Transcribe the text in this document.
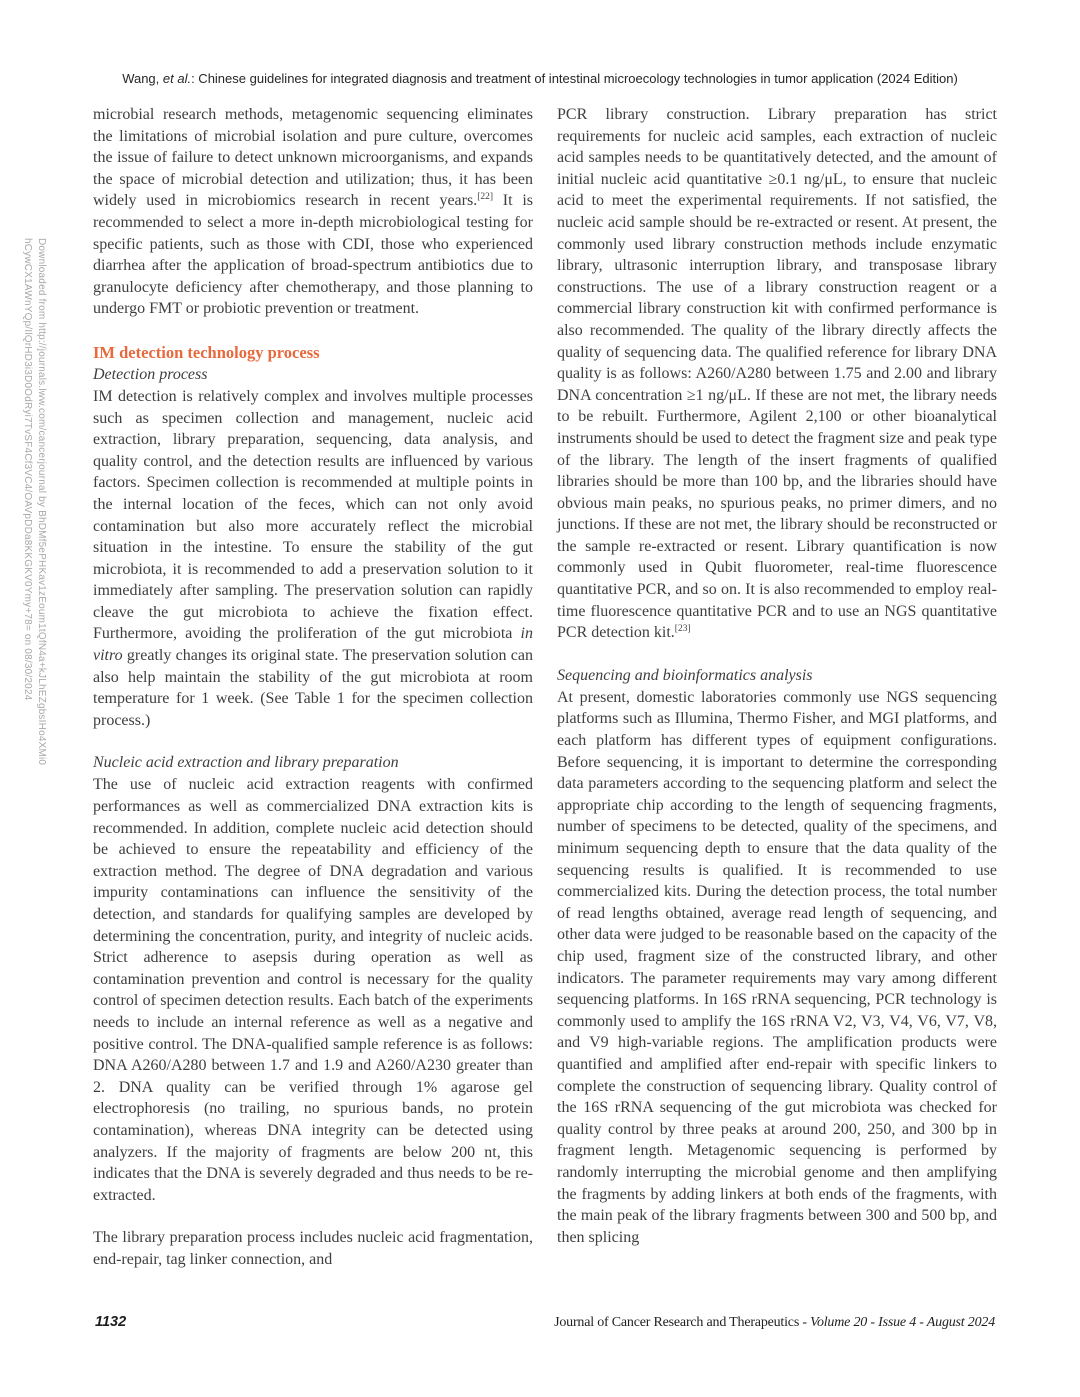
Downloaded from http://journals.lww.com/cancerjournal by BhDMf5ePHKav1zEoum1tQfN4a+kJLhEZgbsIHo4XMi0
hCywCX1AWnYQp/IlQrHD3i3D0OdRyi7TvSF4Cf3VC4/OAVpDDa8KKGKV0Ymy+78= on 08/30/2024
Wang, et al.: Chinese guidelines for integrated diagnosis and treatment of intestinal microecology technologies in tumor application (2024 Edition)

microbial research methods, metagenomic sequencing eliminates the limitations of microbial isolation and pure culture, overcomes the issue of failure to detect unknown microorganisms, and expands the space of microbial detection and utilization; thus, it has been widely used in microbiomics research in recent years.[22] It is recommended to select a more in-depth microbiological testing for specific patients, such as those with CDI, those who experienced diarrhea after the application of broad-spectrum antibiotics due to granulocyte deficiency after chemotherapy, and those planning to undergo FMT or probiotic prevention or treatment.

IM detection technology process
Detection process

IM detection is relatively complex and involves multiple processes such as specimen collection and management, nucleic acid extraction, library preparation, sequencing, data analysis, and quality control, and the detection results are influenced by various factors. Specimen collection is recommended at multiple points in the internal location of the feces, which can not only avoid contamination but also more accurately reflect the microbial situation in the intestine. To ensure the stability of the gut microbiota, it is recommended to add a preservation solution to it immediately after sampling. The preservation solution can rapidly cleave the gut microbiota to achieve the fixation effect. Furthermore, avoiding the proliferation of the gut microbiota in vitro greatly changes its original state. The preservation solution can also help maintain the stability of the gut microbiota at room temperature for 1 week. (See Table 1 for the specimen collection process.)

Nucleic acid extraction and library preparation

The use of nucleic acid extraction reagents with confirmed performances as well as commercialized DNA extraction kits is recommended. In addition, complete nucleic acid detection should be achieved to ensure the repeatability and efficiency of the extraction method. The degree of DNA degradation and various impurity contaminations can influence the sensitivity of the detection, and standards for qualifying samples are developed by determining the concentration, purity, and integrity of nucleic acids. Strict adherence to asepsis during operation as well as contamination prevention and control is necessary for the quality control of specimen detection results. Each batch of the experiments needs to include an internal reference as well as a negative and positive control. The DNA-qualified sample reference is as follows: DNA A260/A280 between 1.7 and 1.9 and A260/A230 greater than 2. DNA quality can be verified through 1% agarose gel electrophoresis (no trailing, no spurious bands, no protein contamination), whereas DNA integrity can be detected using analyzers. If the majority of fragments are below 200 nt, this indicates that the DNA is severely degraded and thus needs to be re-extracted.

The library preparation process includes nucleic acid fragmentation, end-repair, tag linker connection, and

PCR library construction. Library preparation has strict requirements for nucleic acid samples, each extraction of nucleic acid samples needs to be quantitatively detected, and the amount of initial nucleic acid quantitative ≥0.1 ng/μL, to ensure that nucleic acid to meet the experimental requirements. If not satisfied, the nucleic acid sample should be re-extracted or resent. At present, the commonly used library construction methods include enzymatic library, ultrasonic interruption library, and transposase library constructions. The use of a library construction reagent or a commercial library construction kit with confirmed performance is also recommended. The quality of the library directly affects the quality of sequencing data. The qualified reference for library DNA quality is as follows: A260/A280 between 1.75 and 2.00 and library DNA concentration ≥1 ng/μL. If these are not met, the library needs to be rebuilt. Furthermore, Agilent 2,100 or other bioanalytical instruments should be used to detect the fragment size and peak type of the library. The length of the insert fragments of qualified libraries should be more than 100 bp, and the libraries should have obvious main peaks, no spurious peaks, no primer dimers, and no junctions. If these are not met, the library should be reconstructed or the sample re-extracted or resent. Library quantification is now commonly used in Qubit fluorometer, real-time fluorescence quantitative PCR, and so on. It is also recommended to employ real-time fluorescence quantitative PCR and to use an NGS quantitative PCR detection kit.[23]

Sequencing and bioinformatics analysis

At present, domestic laboratories commonly use NGS sequencing platforms such as Illumina, Thermo Fisher, and MGI platforms, and each platform has different types of equipment configurations. Before sequencing, it is important to determine the corresponding data parameters according to the sequencing platform and select the appropriate chip according to the length of sequencing fragments, number of specimens to be detected, quality of the specimens, and minimum sequencing depth to ensure that the data quality of the sequencing results is qualified. It is recommended to use commercialized kits. During the detection process, the total number of read lengths obtained, average read length of sequencing, and other data were judged to be reasonable based on the capacity of the chip used, fragment size of the constructed library, and other indicators. The parameter requirements may vary among different sequencing platforms. In 16S rRNA sequencing, PCR technology is commonly used to amplify the 16S rRNA V2, V3, V4, V6, V7, V8, and V9 high-variable regions. The amplification products were quantified and amplified after end-repair with specific linkers to complete the construction of sequencing library. Quality control of the 16S rRNA sequencing of the gut microbiota was checked for quality control by three peaks at around 200, 250, and 300 bp in fragment length. Metagenomic sequencing is performed by randomly interrupting the microbial genome and then amplifying the fragments by adding linkers at both ends of the fragments, with the main peak of the library fragments between 300 and 500 bp, and then splicing

1132	Journal of Cancer Research and Therapeutics - Volume 20 - Issue 4 - August 2024
